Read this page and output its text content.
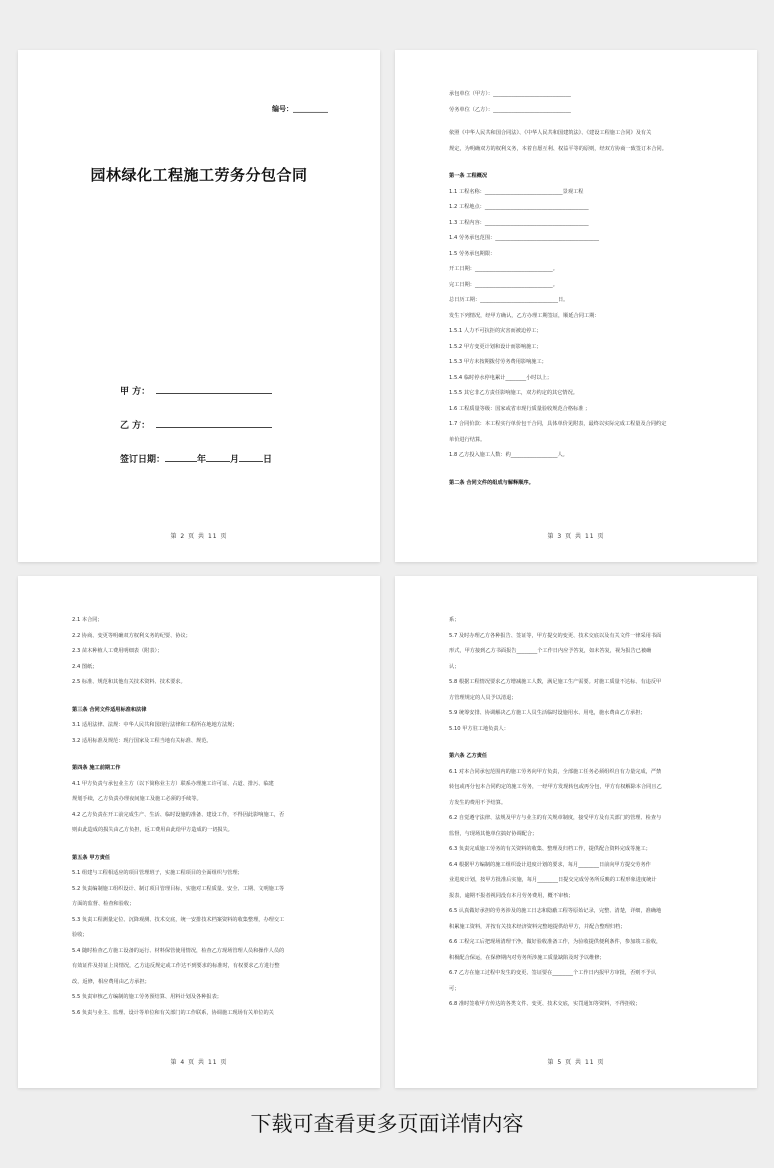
编号：__________
园林绿化工程施工劳务分包合同
甲 方：
乙 方：
签订日期：	年	月	日
第 2 页 共 11 页

承包单位（甲方）：______________________________

劳务单位（乙方）：______________________________

依照《中华人民共和国合同法》、《中华人民共和国建筑法》、《建设工程施工合同》及有关

规定，为明确双方的权利义务，本着自愿互利、权益平等的原则，经双方协商一致签订本合同。

第一条 工程概况

1.1 工程名称：______________________________景观工程

1.2 工程地点：________________________________________

1.3 工程内容：________________________________________

1.4 劳务承包范围：________________________________________

1.5 劳务承包期限：

开工日期：______________________________。

完工日期：______________________________。

总日历工期：______________________________日。

发生下列情况，经甲方确认，乙方办理工期签证，顺延合同工期：

1.5.1 人力不可抗拒的灾害而被迫停工；

1.5.2 甲方变更计划和设计而影响施工；

1.5.3 甲方未按期拨付劳务费用影响施工；

1.5.4 临时停水停电累计________小时以上；

1.5.5 其它非乙方责任影响施工，双方约定的其它情况。

1.6 工程质量等级：国家或省市现行质量验收规范合格标准 ；

1.7 合同价款：本工程实行单价包干合同，具体单价见附表，最终以实际完成工程量及合同约定

单价进行结算。

1.8 乙方投入施工人数：约__________________人。

第二条 合同文件的组成与解释顺序。

第 3 页 共 11 页

2.1 本合同；

2.2 协商、变更等明确双方权利义务的纪要、协议；

2.3 苗木种植人工费用明细表（附表）；

2.4 图纸；

2.5 标准、规范和其他有关技术资料、技术要求。

第三条 合同文件适用标准和法律

3.1 适用法律、法规：中华人民共和国现行法律和工程所在地地方法规；

3.2 适用标准及规范：现行国家及工程当地有关标准、规范。

第四条 施工前期工作

4.1 甲方负责与承包业主方（以下简称业主方）联系办理施工许可证、占道、排污、临建

规划手续，乙方负责办理夜间施工及施工必须的手续等。

4.2 乙方负责在开工前完成生产、生活、临时设施的准备、建设工作，不得因此影响施工，否

则由此造成的损失由乙方负担，返工费用由此给甲方造成的一切损失。

第五条 甲方责任

5.1 组建与工程相适应的项目管理班子，实施工程项目的全面组织与管理；

5.2 负责编制施工组织设计、制订项目管理目标，实施对工程质量、安全、工期、文明施工等

方面的监督、检查和验收；

5.3 负责工程测量定位、沉降观测、技术交底，统一安排技术档案资料的收集整理，办理交工

验收；

5.4 随时检查乙方施工设备的运行、材料保管使用情况，检查乙方现场管理人员和操作人员的

有效证件及持证上岗情况，乙方违反规定或工作达不到要求的标准时，有权要求乙方进行整

改，返修，相应费用由乙方承担；

5.5 负责审核乙方编制的施工劳务预结算、用料计划及各种报表；

5.6 负责与业主、监理、设计等单位和有关部门的工作联系，协调施工现场有关单位的关

第 4 页 共 11 页

系；

5.7 及时办理乙方各种报告、签证等，甲方提交的变更、技术交底以及有关文件一律采用书面

形式，甲方接到乙方书面报告________个工作日内应予答复，如未答复，视为报告已被确

认；

5.8 根据工程情况要求乙方增减施工人数，满足施工生产需要。对施工质量不达标、有违反甲

方管理规定的人员予以清退；

5.9 统筹安排、协调解决乙方施工人员生活临时设施用水、用电，施水费由乙方承担；

5.10 甲方驻工地负责人：

第六条 乙方责任

6.1 对本合同承包范围内的施工劳务向甲方负责，全部施工任务必须组织自有力量完成，严禁

转包或再分包本合同约定的施工劳务，一经甲方发现转包或再分包，甲方有权解除本合同且乙

方发生的费用不予结算。

6.2 自觉遵守法律、法规及甲方与业主的有关规章制度，接受甲方及有关部门的管理、检查与

监督，与现场其他单位搞好协调配合；

6.3 负责完成施工劳务的有关资料的收集、整理及归档工作，提供配合资料完成等施工；

6.4 根据甲方编制的施工组织设计进度计划的要求，每月________日前向甲方提交劳务作

业进度计划，按甲方批准后实施，每月________日提交完成劳务所反映的工程形象进度统计

报表，逾期不报者视同没有本月劳务费用，概不审核；

6.5 认真做好承担的劳务涉及的施工日志和隐蔽工程等原始记录，完整、清楚，详细，准确地

积累施工资料，并按有关技术经济资料完整地提供给甲方，并配合整理归档；

6.6 工程完工后把现场清理干净，做好验收准备工作，为验收提供便利条件，参加竣工验收，

积极配合保运，在保修期内对劳务所涉施工质量缺陷及时予以维修；

6.7 乙方在施工过程中发生的变更、签证要在________个工作日内报甲方审批，否则不予认

可；

6.8 准时签收甲方传达的各类文件、变更、技术交底，实罚通知等资料，不得拒收；

第 5 页 共 11 页
下载可查看更多页面详情内容
